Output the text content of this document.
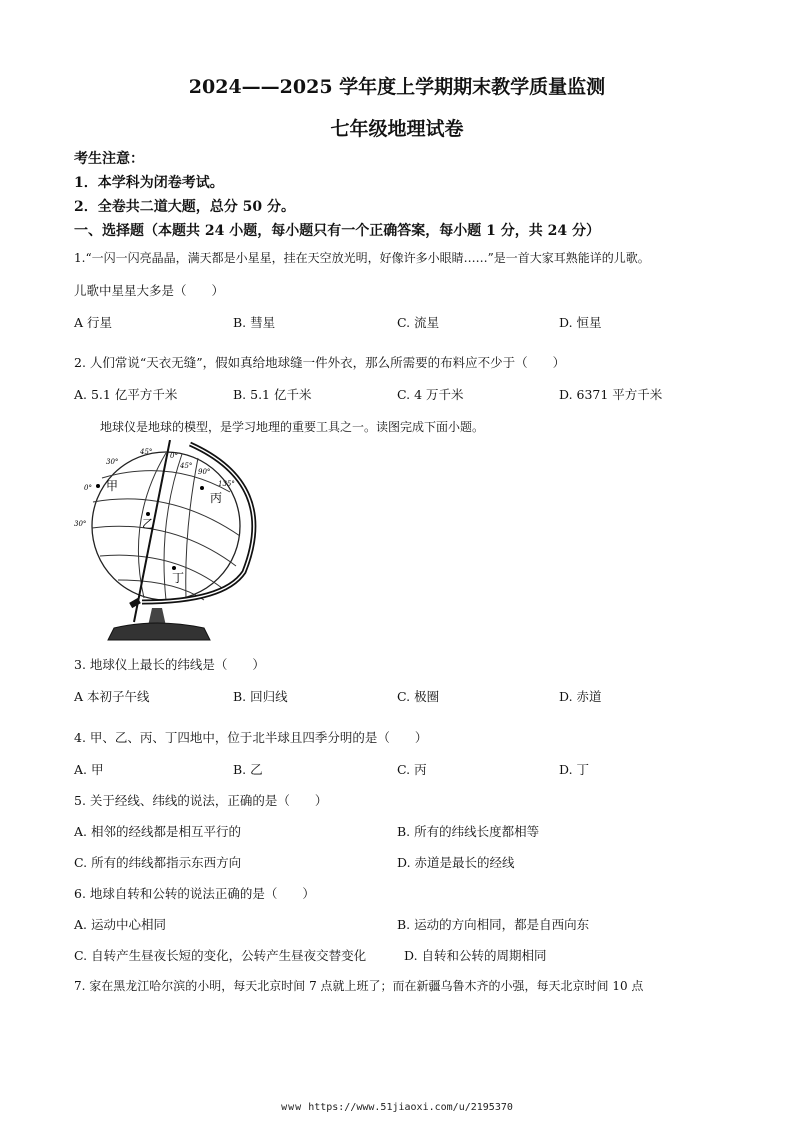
2024——2025 学年度上学期期末教学质量监测
七年级地理试卷
考生注意：
1．本学科为闭卷考试。
2．全卷共二道大题，总分 50 分。
一、选择题（本题共 24 小题，每小题只有一个正确答案，每小题 1 分，共 24 分）
1.“一闪一闪亮晶晶，满天都是小星星，挂在天空放光明，好像许多小眼睛……”是一首大家耳熟能详的儿歌。
儿歌中星星大多是（　　）
A 行星	B. 彗星	C. 流星	D. 恒星
2. 人们常说“天衣无缝”，假如真给地球缝一件外衣，那么所需要的布料应不少于（　　）
A. 5.1 亿平方千米	B. 5.1 亿千米	C. 4 万千米	D. 6371 平方千米
地球仪是地球的模型，是学习地理的重要工具之一。读图完成下面小题。
甲
乙
丙
丁
30°
0°
30°
45°	0°
45°
90°
135°
3. 地球仪上最长的纬线是（　　）
A 本初子午线	B. 回归线	C. 极圈	D. 赤道
4. 甲、乙、丙、丁四地中，位于北半球且四季分明的是（　　）
A. 甲	B. 乙	C. 丙	D. 丁
5. 关于经线、纬线的说法，正确的是（　　）
A. 相邻的经线都是相互平行的	B. 所有的纬线长度都相等
C. 所有的纬线都指示东西方向	D. 赤道是最长的经线
6. 地球自转和公转的说法正确的是（　　）
A. 运动中心相同	B. 运动的方向相同，都是自西向东
C. 自转产生昼夜长短的变化，公转产生昼夜交替变化	D. 自转和公转的周期相同
7. 家在黑龙江哈尔滨的小明，每天北京时间 7 点就上班了；而在新疆乌鲁木齐的小强，每天北京时间 10 点
www https://www.51jiaoxi.com/u/2195370
